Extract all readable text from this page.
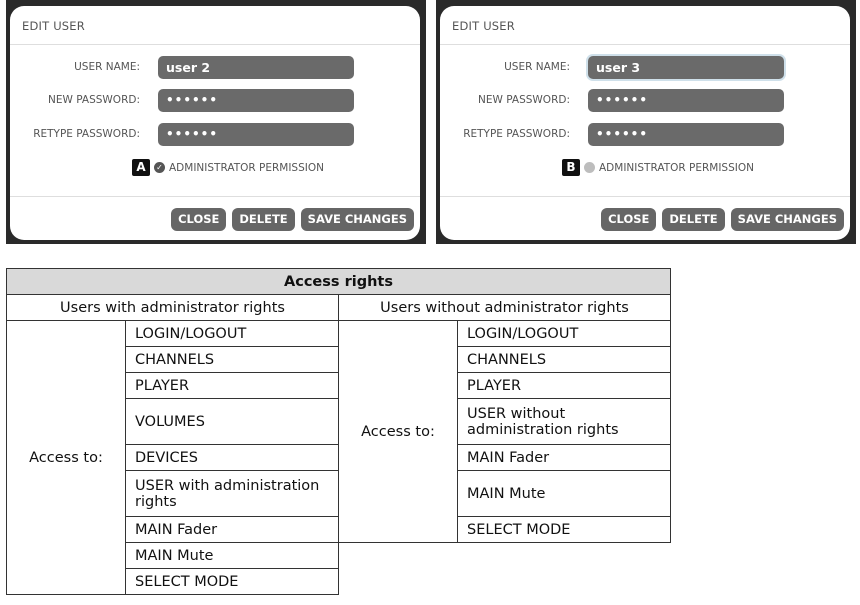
EDIT USER
USER NAME:	user 2
NEW PASSWORD:	••••••
RETYPE PASSWORD:	••••••
A	✓ ADMINISTRATOR PERMISSION
CLOSE	DELETE	SAVE CHANGES
EDIT USER
USER NAME:	user 3
NEW PASSWORD:	••••••
RETYPE PASSWORD:	••••••
B	ADMINISTRATOR PERMISSION
CLOSE	DELETE	SAVE CHANGES
Access rights			
Users with administrator rights		Users without administrator rights	
Access to:	LOGIN/LOGOUT	Access to:	LOGIN/LOGOUT
	CHANNELS		CHANNELS
	PLAYER		PLAYER
	VOLUMES		USER without administration rights
	DEVICES		MAIN Fader
	USER with administration rights		MAIN Mute
	MAIN Fader		SELECT MODE
	MAIN Mute		
	SELECT MODE		
